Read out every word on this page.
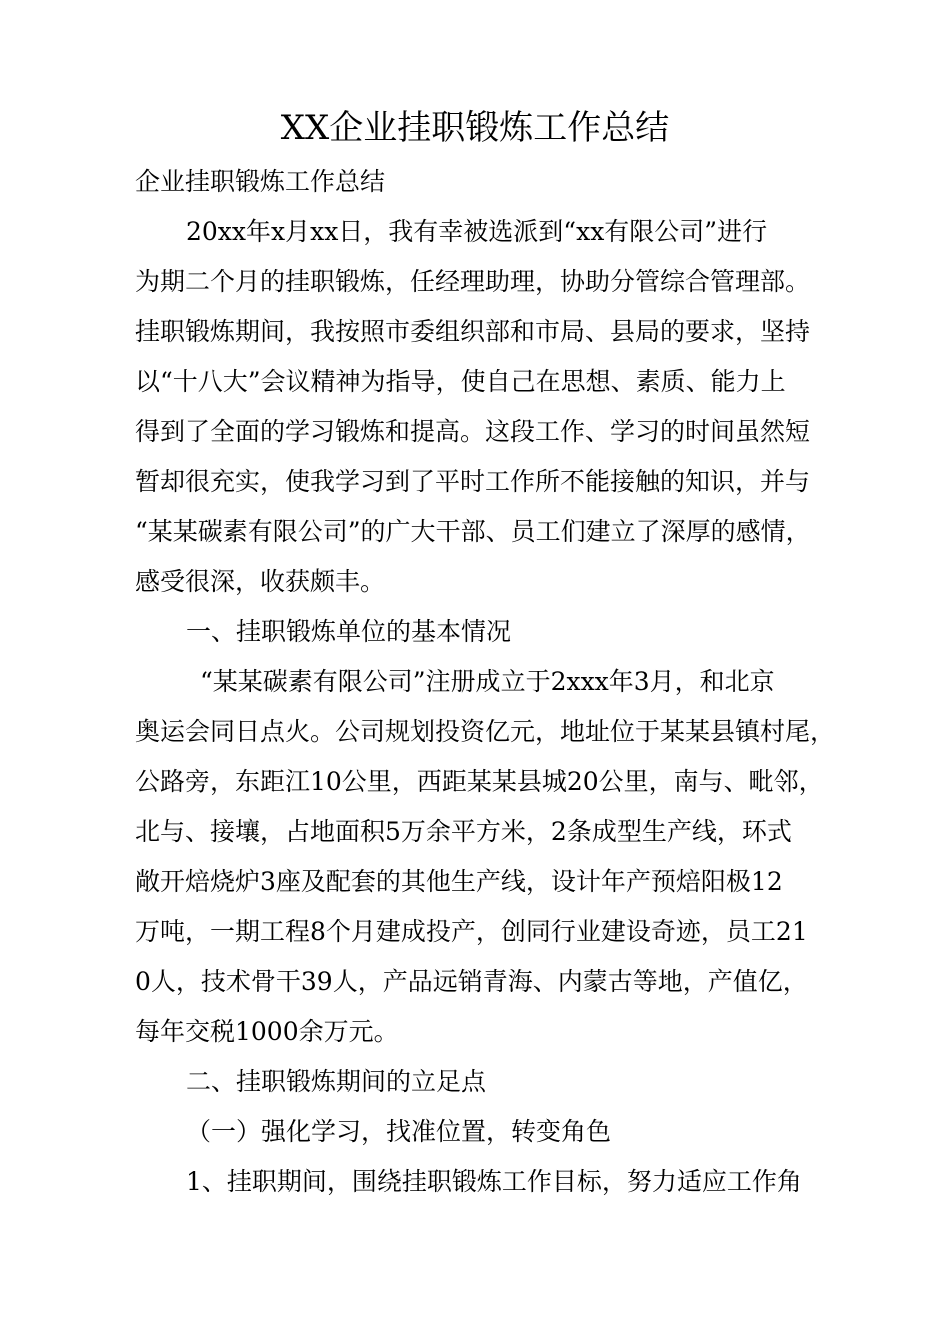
XX企业挂职锻炼工作总结
企业挂职锻炼工作总结
20xx年x月xx日，我有幸被选派到“xx有限公司”进行
为期二个月的挂职锻炼，任经理助理，协助分管综合管理部。
挂职锻炼期间，我按照市委组织部和市局、县局的要求，坚持
以“十八大”会议精神为指导，使自己在思想、素质、能力上
得到了全面的学习锻炼和提高。这段工作、学习的时间虽然短
暂却很充实，使我学习到了平时工作所不能接触的知识，并与
“某某碳素有限公司”的广大干部、员工们建立了深厚的感情，
感受很深，收获颇丰。
一、挂职锻炼单位的基本情况
“某某碳素有限公司”注册成立于2xxx年3月，和北京
奥运会同日点火。公司规划投资亿元，地址位于某某县镇村尾，
公路旁，东距江10公里，西距某某县城20公里，南与、毗邻，
北与、接壤，占地面积5万余平方米，2条成型生产线，环式
敞开焙烧炉3座及配套的其他生产线，设计年产预焙阳极12
万吨，一期工程8个月建成投产，创同行业建设奇迹，员工21
0人，技术骨干39人，产品远销青海、内蒙古等地，产值亿，
每年交税1000余万元。
二、挂职锻炼期间的立足点
（一）强化学习，找准位置，转变角色
1、挂职期间，围绕挂职锻炼工作目标，努力适应工作角
